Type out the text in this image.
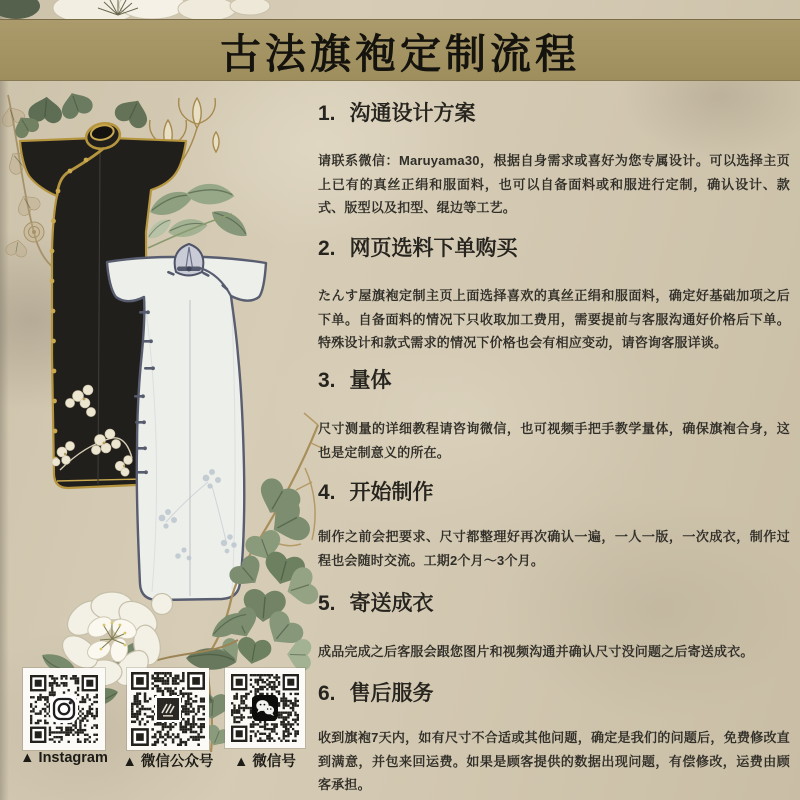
古法旗袍定制流程
1. 沟通设计方案

请联系微信：Maruyama30，根据自身需求或喜好为您专属设计。可以选择主页上已有的真丝正绢和服面料，也可以自备面料或和服进行定制，确认设计、款式、版型以及扣型、绲边等工艺。

2. 网页选料下单购买

たんす屋旗袍定制主页上面选择喜欢的真丝正绢和服面料，确定好基础加项之后下单。自备面料的情况下只收取加工费用，需要提前与客服沟通好价格后下单。特殊设计和款式需求的情况下价格也会有相应变动，请咨询客服详谈。

3. 量体

尺寸测量的详细教程请咨询微信，也可视频手把手教学量体，确保旗袍合身，这也是定制意义的所在。

4. 开始制作

制作之前会把要求、尺寸都整理好再次确认一遍，一人一版，一次成衣，制作过程也会随时交流。工期2个月～3个月。

5. 寄送成衣

成品完成之后客服会跟您图片和视频沟通并确认尺寸没问题之后寄送成衣。

6. 售后服务

收到旗袍7天内，如有尺寸不合适或其他问题，确定是我们的问题后，免费修改直到满意，并包来回运费。如果是顾客提供的数据出现问题，有偿修改，运费由顾客承担。

▲ Instagram	▲ 微信公众号	▲ 微信号
